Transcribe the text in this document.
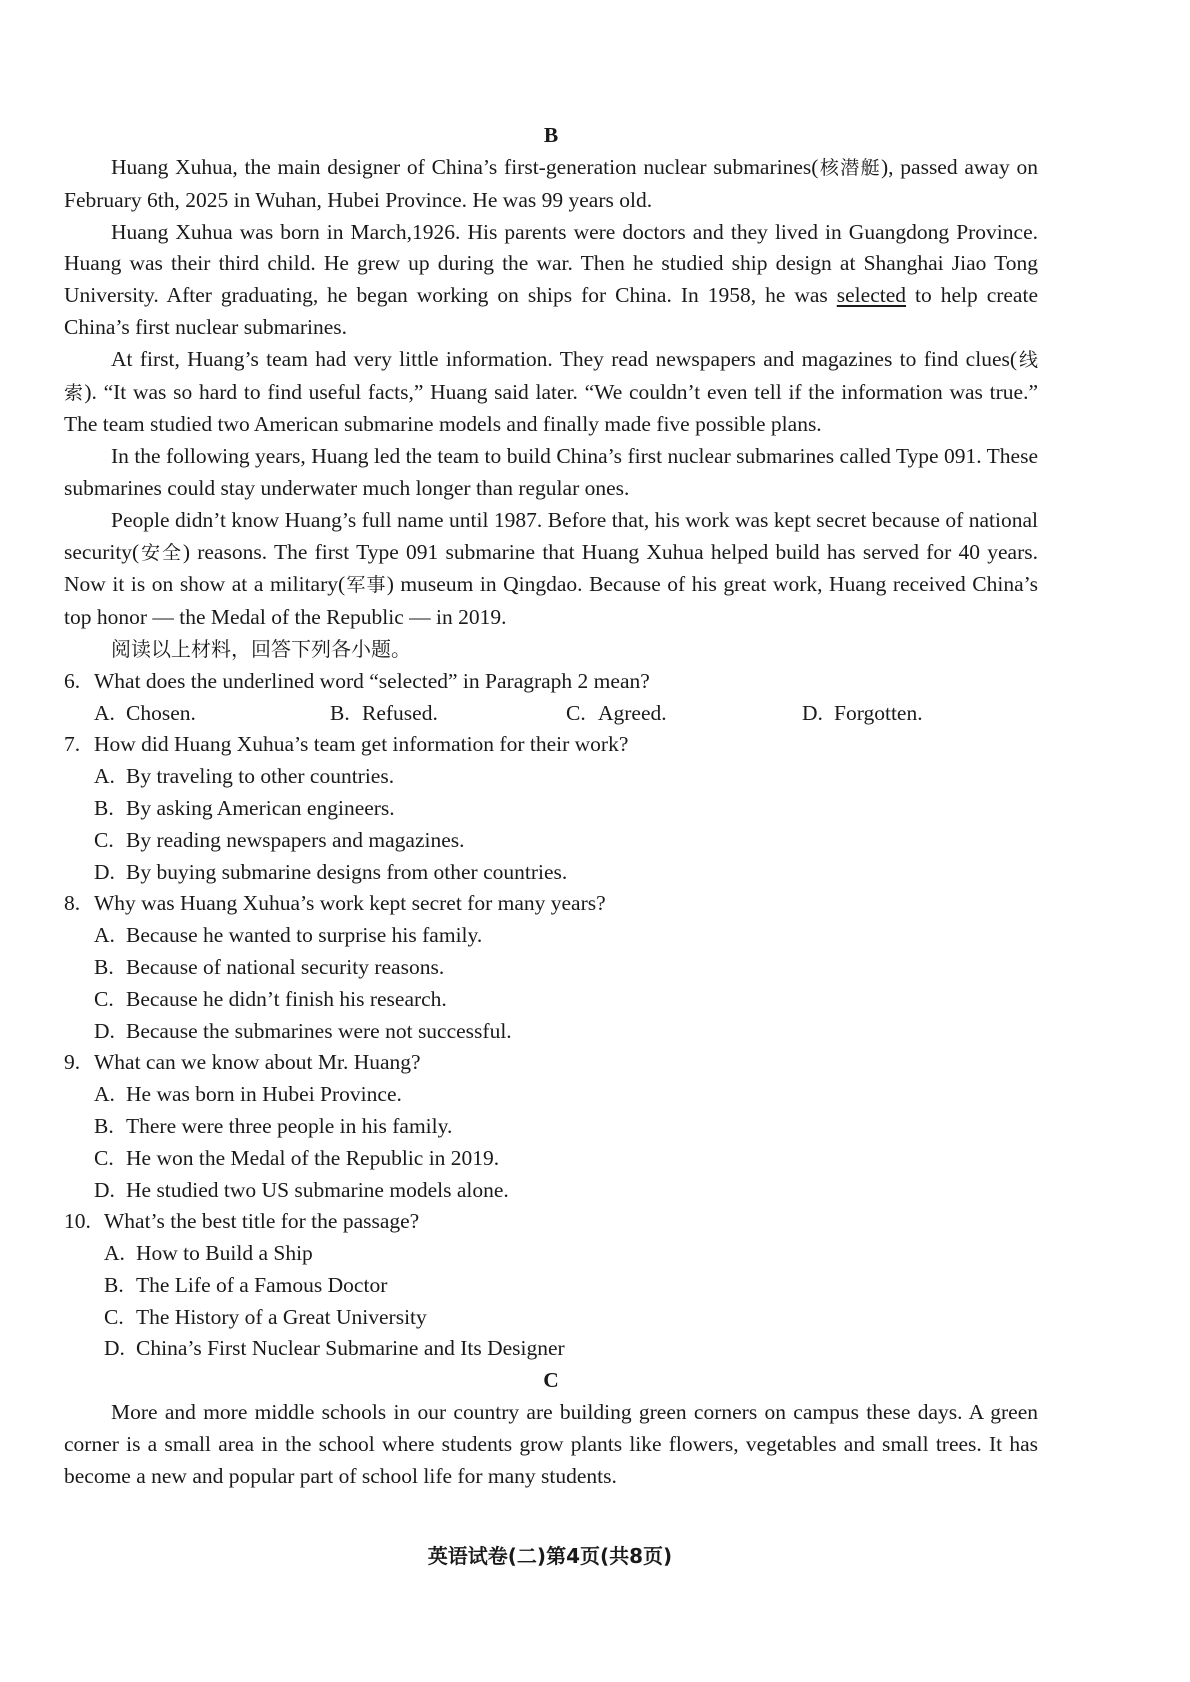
B

Huang Xuhua, the main designer of China’s first-generation nuclear submarines(核潜艇), passed away on February 6th, 2025 in Wuhan, Hubei Province. He was 99 years old.

Huang Xuhua was born in March,1926. His parents were doctors and they lived in Guangdong Province. Huang was their third child. He grew up during the war. Then he studied ship design at Shanghai Jiao Tong University. After graduating, he began working on ships for China. In 1958, he was selected to help create China’s first nuclear submarines.

At first, Huang’s team had very little information. They read newspapers and magazines to find clues(线索). “It was so hard to find useful facts,” Huang said later. “We couldn’t even tell if the information was true.” The team studied two American submarine models and finally made five possible plans.

In the following years, Huang led the team to build China’s first nuclear submarines called Type 091. These submarines could stay underwater much longer than regular ones.

People didn’t know Huang’s full name until 1987. Before that, his work was kept secret because of national security(安全) reasons. The first Type 091 submarine that Huang Xuhua helped build has served for 40 years. Now it is on show at a military(军事) museum in Qingdao. Because of his great work, Huang received China’s top honor — the Medal of the Republic — in 2019.

阅读以上材料，回答下列各小题。

6. What does the underlined word “selected” in Paragraph 2 mean?
A. Chosen.	B. Refused.	C. Agreed.	D. Forgotten.
7. How did Huang Xuhua’s team get information for their work?
A. By traveling to other countries.
B. By asking American engineers.
C. By reading newspapers and magazines.
D. By buying submarine designs from other countries.
8. Why was Huang Xuhua’s work kept secret for many years?
A. Because he wanted to surprise his family.
B. Because of national security reasons.
C. Because he didn’t finish his research.
D. Because the submarines were not successful.
9. What can we know about Mr. Huang?
A. He was born in Hubei Province.
B. There were three people in his family.
C. He won the Medal of the Republic in 2019.
D. He studied two US submarine models alone.
10. What’s the best title for the passage?
A. How to Build a Ship
B. The Life of a Famous Doctor
C. The History of a Great University
D. China’s First Nuclear Submarine and Its Designer
C

More and more middle schools in our country are building green corners on campus these days. A green corner is a small area in the school where students grow plants like flowers, vegetables and small trees. It has become a new and popular part of school life for many students.

英语试卷(二)第4页(共8页)
